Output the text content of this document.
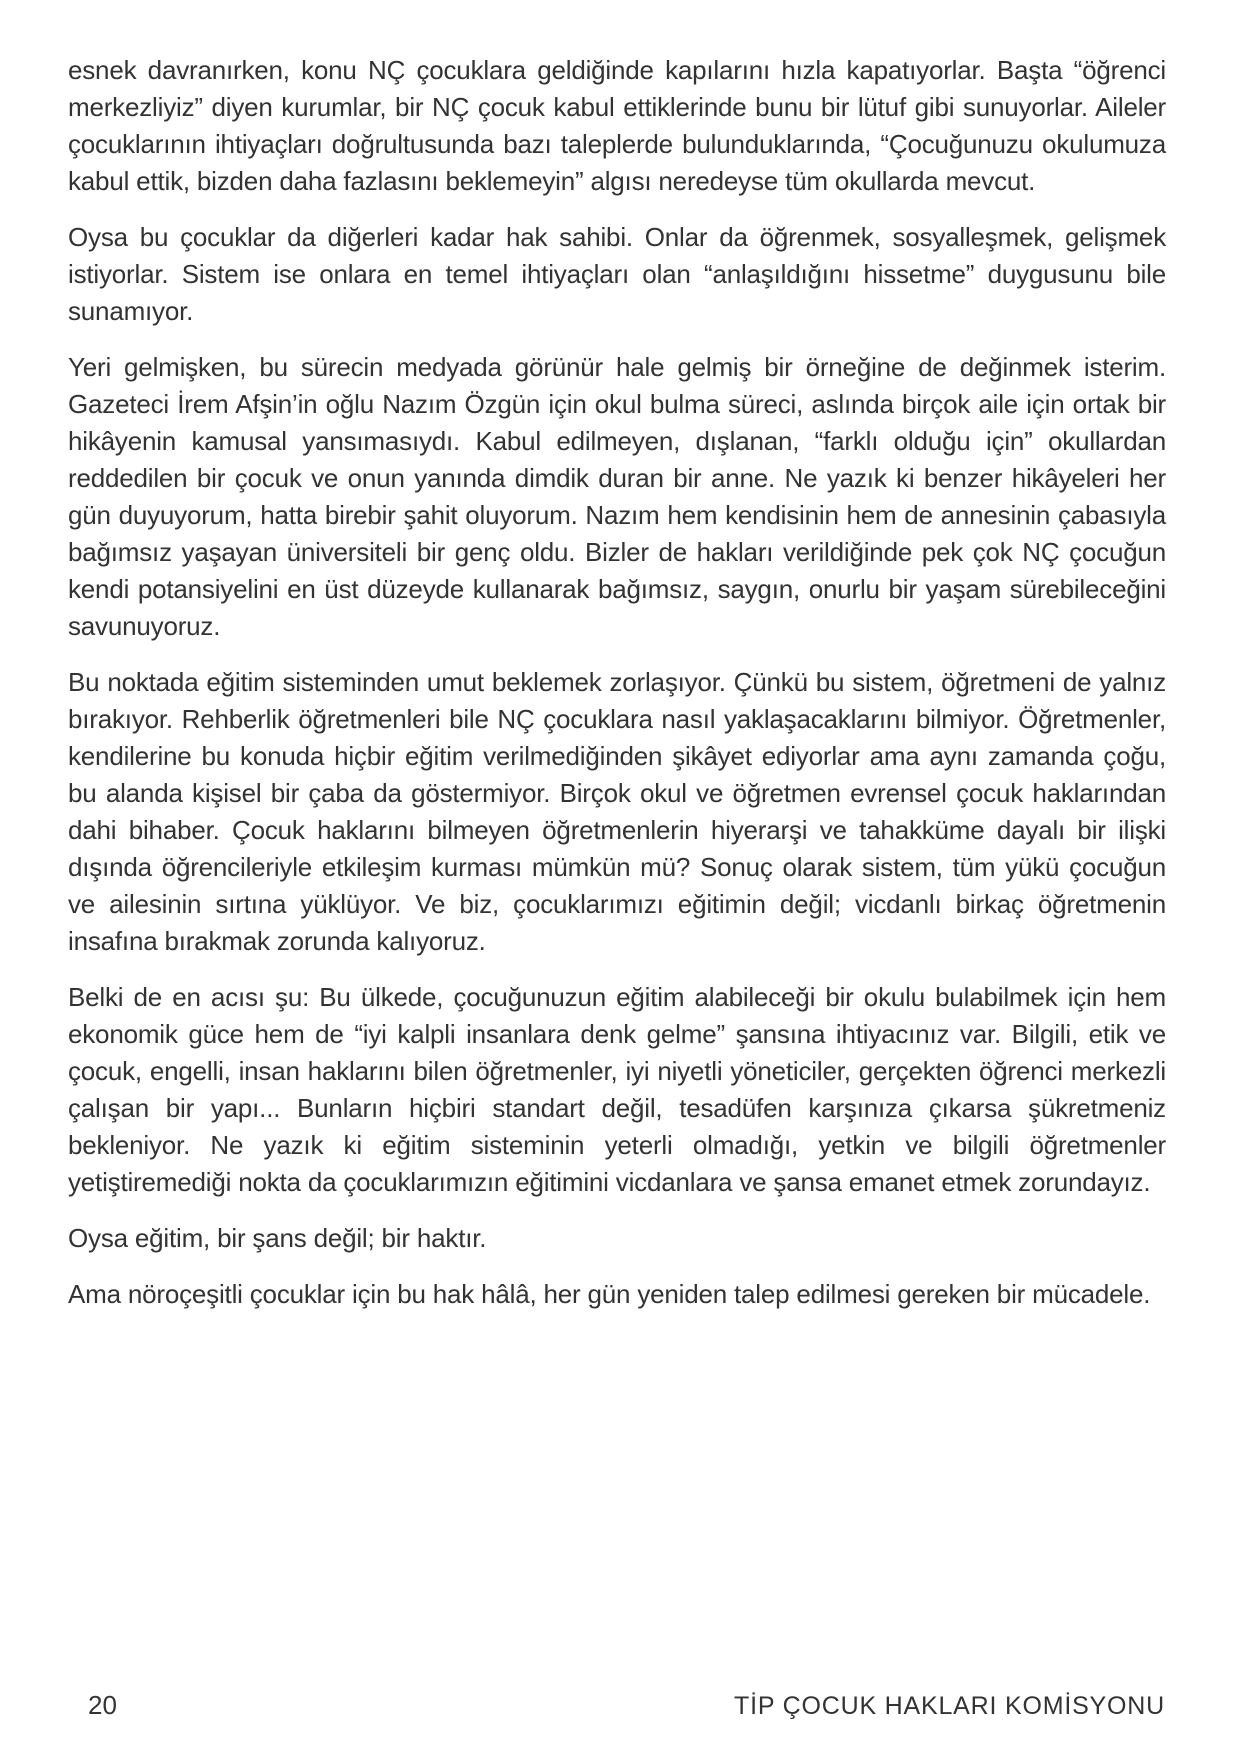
esnek davranırken, konu NÇ çocuklara geldiğinde kapılarını hızla kapatıyorlar. Başta “öğrenci merkezliyiz” diyen kurumlar, bir NÇ çocuk kabul ettiklerinde bunu bir lütuf gibi sunuyorlar. Aileler çocuklarının ihtiyaçları doğrultusunda bazı taleplerde bulunduklarında, “Çocuğunuzu okulumuza kabul ettik, bizden daha fazlasını beklemeyin” algısı neredeyse tüm okullarda mevcut.

Oysa bu çocuklar da diğerleri kadar hak sahibi. Onlar da öğrenmek, sosyalleşmek, gelişmek istiyorlar. Sistem ise onlara en temel ihtiyaçları olan “anlaşıldığını hissetme” duygusunu bile sunamıyor.

Yeri gelmişken, bu sürecin medyada görünür hale gelmiş bir örneğine de değinmek isterim. Gazeteci İrem Afşin’in oğlu Nazım Özgün için okul bulma süreci, aslında birçok aile için ortak bir hikâyenin kamusal yansımasıydı. Kabul edilmeyen, dışlanan, “farklı olduğu için” okullardan reddedilen bir çocuk ve onun yanında dimdik duran bir anne. Ne yazık ki benzer hikâyeleri her gün duyuyorum, hatta birebir şahit oluyorum. Nazım hem kendisinin hem de annesinin çabasıyla bağımsız yaşayan üniversiteli bir genç oldu. Bizler de hakları verildiğinde pek çok NÇ çocuğun kendi potansiyelini en üst düzeyde kullanarak bağımsız, saygın, onurlu bir yaşam sürebileceğini savunuyoruz.

Bu noktada eğitim sisteminden umut beklemek zorlaşıyor. Çünkü bu sistem, öğretmeni de yalnız bırakıyor. Rehberlik öğretmenleri bile NÇ çocuklara nasıl yaklaşacaklarını bilmiyor. Öğretmenler, kendilerine bu konuda hiçbir eğitim verilmediğinden şikâyet ediyorlar ama aynı zamanda çoğu, bu alanda kişisel bir çaba da göstermiyor. Birçok okul ve öğretmen evrensel çocuk haklarından dahi bihaber. Çocuk haklarını bilmeyen öğretmenlerin hiyerarşi ve tahakküme dayalı bir ilişki dışında öğrencileriyle etkileşim kurması mümkün mü? Sonuç olarak sistem, tüm yükü çocuğun ve ailesinin sırtına yüklüyor. Ve biz, çocuklarımızı eğitimin değil; vicdanlı birkaç öğretmenin insafına bırakmak zorunda kalıyoruz.

Belki de en acısı şu: Bu ülkede, çocuğunuzun eğitim alabileceği bir okulu bulabilmek için hem ekonomik güce hem de “iyi kalpli insanlara denk gelme” şansına ihtiyacınız var. Bilgili, etik ve çocuk, engelli, insan haklarını bilen öğretmenler, iyi niyetli yöneticiler, gerçekten öğrenci merkezli çalışan bir yapı... Bunların hiçbiri standart değil, tesadüfen karşınıza çıkarsa şükretmeniz bekleniyor. Ne yazık ki eğitim sisteminin yeterli olmadığı, yetkin ve bilgili öğretmenler yetiştiremediği nokta da çocuklarımızın eğitimini vicdanlara ve şansa emanet etmek zorundayız.

Oysa eğitim, bir şans değil; bir haktır.

Ama nöroçeşitli çocuklar için bu hak hâlâ, her gün yeniden talep edilmesi gereken bir mücadele.

20	TİP ÇOCUK HAKLARI KOMİSYONU
